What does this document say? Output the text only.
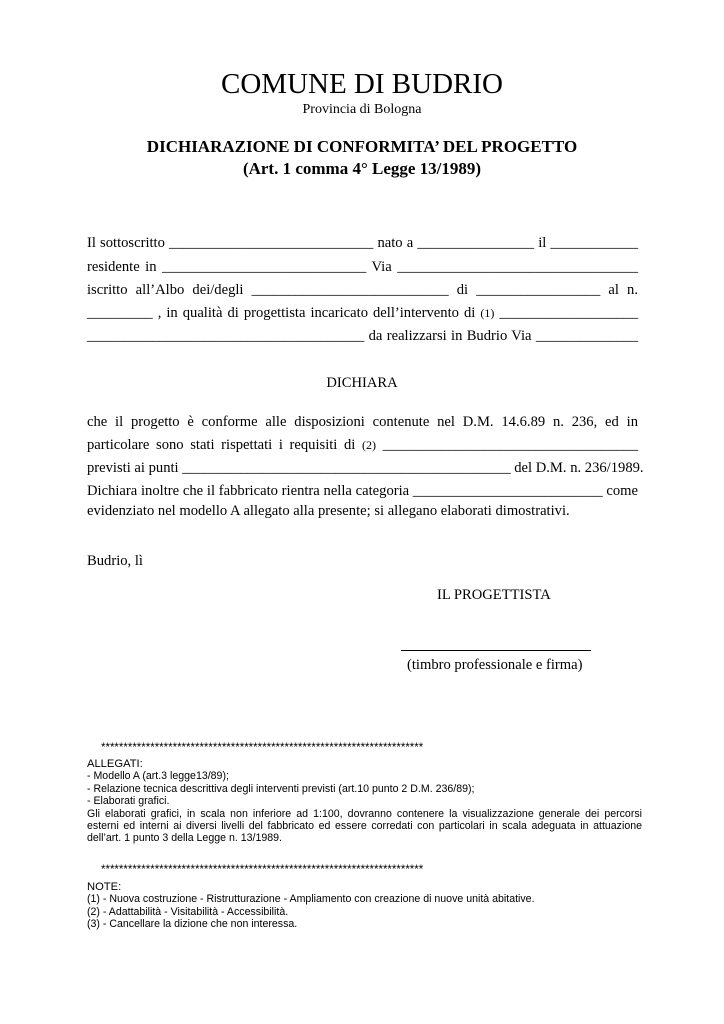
COMUNE DI BUDRIO
Provincia di Bologna
DICHIARAZIONE DI CONFORMITA’ DEL PROGETTO
(Art. 1 comma 4° Legge 13/1989)
Il sottoscritto ____________________________ nato a ________________ il ____________
residente in ____________________________ Via _________________________________
iscritto all’Albo dei/degli ___________________________ di _________________ al n.
_________ , in qualità di progettista incaricato dell’intervento di (1) ___________________
______________________________________ da realizzarsi in Budrio Via ______________
DICHIARA
che il progetto è conforme alle disposizioni contenute nel D.M. 14.6.89 n. 236, ed in
particolare sono stati rispettati i requisiti di (2) ___________________________________
previsti ai punti _____________________________________________ del D.M. n. 236/1989.
Dichiara inoltre che il fabbricato rientra nella categoria __________________________ come
evidenziato nel modello A allegato alla presente; si allegano elaborati dimostrativi.
Budrio, lì
IL PROGETTISTA
(timbro professionale e firma)
************************************************************************

ALLEGATI:

- Modello A (art.3 legge13/89);

- Relazione tecnica descrittiva degli interventi previsti (art.10 punto 2 D.M. 236/89);

- Elaborati grafici.

Gli elaborati grafici, in scala non inferiore ad 1:100, dovranno contenere la visualizzazione generale dei percorsi esterni ed interni ai diversi livelli del fabbricato ed essere corredati con particolari in scala adeguata in attuazione dell’art. 1 punto 3 della Legge n. 13/1989.

************************************************************************

NOTE:

(1) - Nuova costruzione - Ristrutturazione - Ampliamento con creazione di nuove unità abitative.

(2) - Adattabilità - Visitabilità - Accessibilità.

(3) - Cancellare la dizione che non interessa.
